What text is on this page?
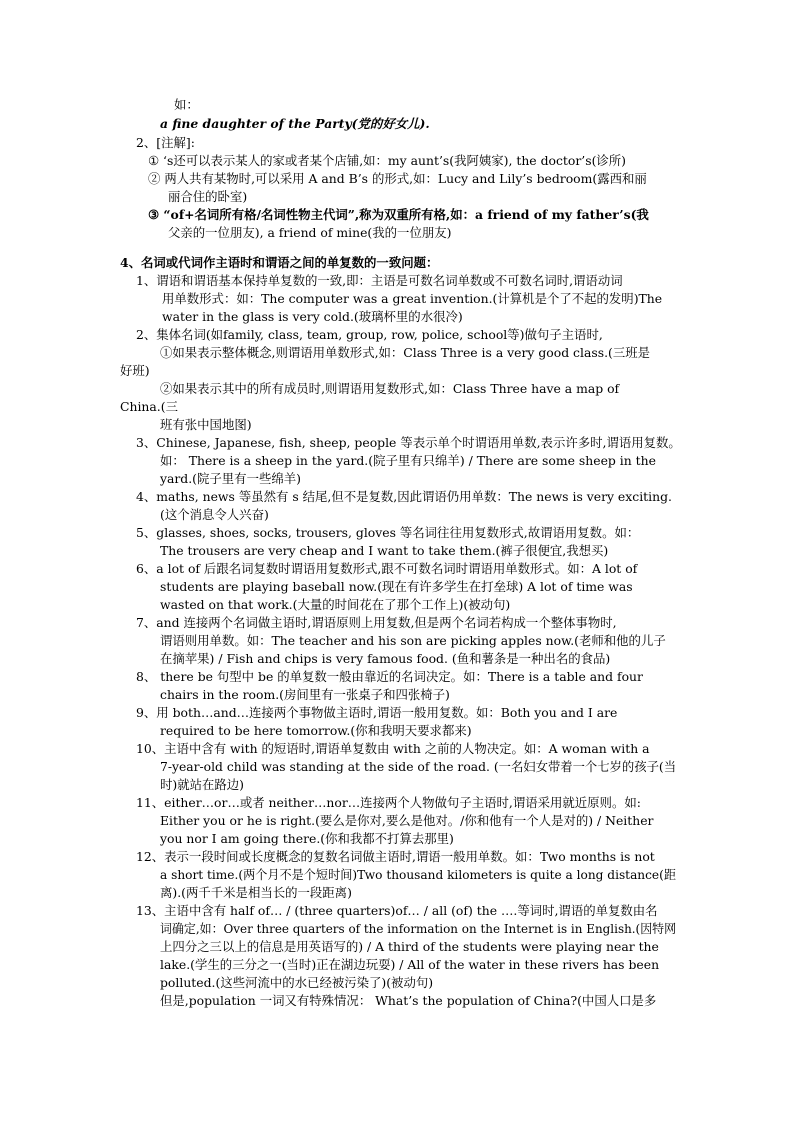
如：
a fine daughter of the Party(党的好女儿).
2、[注解]:
① ‘s还可以表示某人的家或者某个店铺,如：my aunt’s(我阿姨家), the doctor’s(诊所)
② 两人共有某物时,可以采用 A and B’s 的形式,如：Lucy and Lily’s bedroom(露西和丽
丽合住的卧室)
③ “of+名词所有格/名词性物主代词”,称为双重所有格,如：a friend of my father’s(我
父亲的一位朋友), a friend of mine(我的一位朋友)
4、名词或代词作主语时和谓语之间的单复数的一致问题：
1、谓语和谓语基本保持单复数的一致,即：主语是可数名词单数或不可数名词时,谓语动词
用单数形式：如：The computer was a great invention.(计算机是个了不起的发明)The
water in the glass is very cold.(玻璃杯里的水很冷)
2、集体名词(如family, class, team, group, row, police, school等)做句子主语时,
①如果表示整体概念,则谓语用单数形式,如：Class Three is a very good class.(三班是
好班)
②如果表示其中的所有成员时,则谓语用复数形式,如：Class Three have a map of
China.(三
班有张中国地图)
3、Chinese, Japanese, fish, sheep, people 等表示单个时谓语用单数,表示许多时,谓语用复数。
如： There is a sheep in the yard.(院子里有只绵羊) / There are some sheep in the
yard.(院子里有一些绵羊)
4、maths, news 等虽然有 s 结尾,但不是复数,因此谓语仍用单数：The news is very exciting.
(这个消息令人兴奋)
5、glasses, shoes, socks, trousers, gloves 等名词往往用复数形式,故谓语用复数。如：
The trousers are very cheap and I want to take them.(裤子很便宜,我想买)
6、a lot of 后跟名词复数时谓语用复数形式,跟不可数名词时谓语用单数形式。如：A lot of
students are playing baseball now.(现在有许多学生在打垒球) A lot of time was
wasted on that work.(大量的时间花在了那个工作上)(被动句)
7、and 连接两个名词做主语时,谓语原则上用复数,但是两个名词若构成一个整体事物时,
谓语则用单数。如：The teacher and his son are picking apples now.(老师和他的儿子
在摘苹果) / Fish and chips is very famous food. (鱼和薯条是一种出名的食品)
8、 there be 句型中 be 的单复数一般由靠近的名词决定。如：There is a table and four
chairs in the room.(房间里有一张桌子和四张椅子)
9、用 both…and…连接两个事物做主语时,谓语一般用复数。如：Both you and I are
required to be here tomorrow.(你和我明天要求都来)
10、主语中含有 with 的短语时,谓语单复数由 with 之前的人物决定。如：A woman with a
7-year-old child was standing at the side of the road. (一名妇女带着一个七岁的孩子(当
时)就站在路边)
11、either…or…或者 neither…nor…连接两个人物做句子主语时,谓语采用就近原则。如:
Either you or he is right.(要么是你对,要么是他对。/你和他有一个人是对的) / Neither
you nor I am going there.(你和我都不打算去那里)
12、表示一段时间或长度概念的复数名词做主语时,谓语一般用单数。如：Two months is not
a short time.(两个月不是个短时间)Two thousand kilometers is quite a long distance(距
离).(两千千米是相当长的一段距离)
13、主语中含有 half of… / (three quarters)of… / all (of) the ….等词时,谓语的单复数由名
词确定,如：Over three quarters of the information on the Internet is in English.(因特网
上四分之三以上的信息是用英语写的) / A third of the students were playing near the
lake.(学生的三分之一(当时)正在湖边玩耍) / All of the water in these rivers has been
polluted.(这些河流中的水已经被污染了)(被动句)
但是,population 一词又有特殊情况： What’s the population of China?(中国人口是多
